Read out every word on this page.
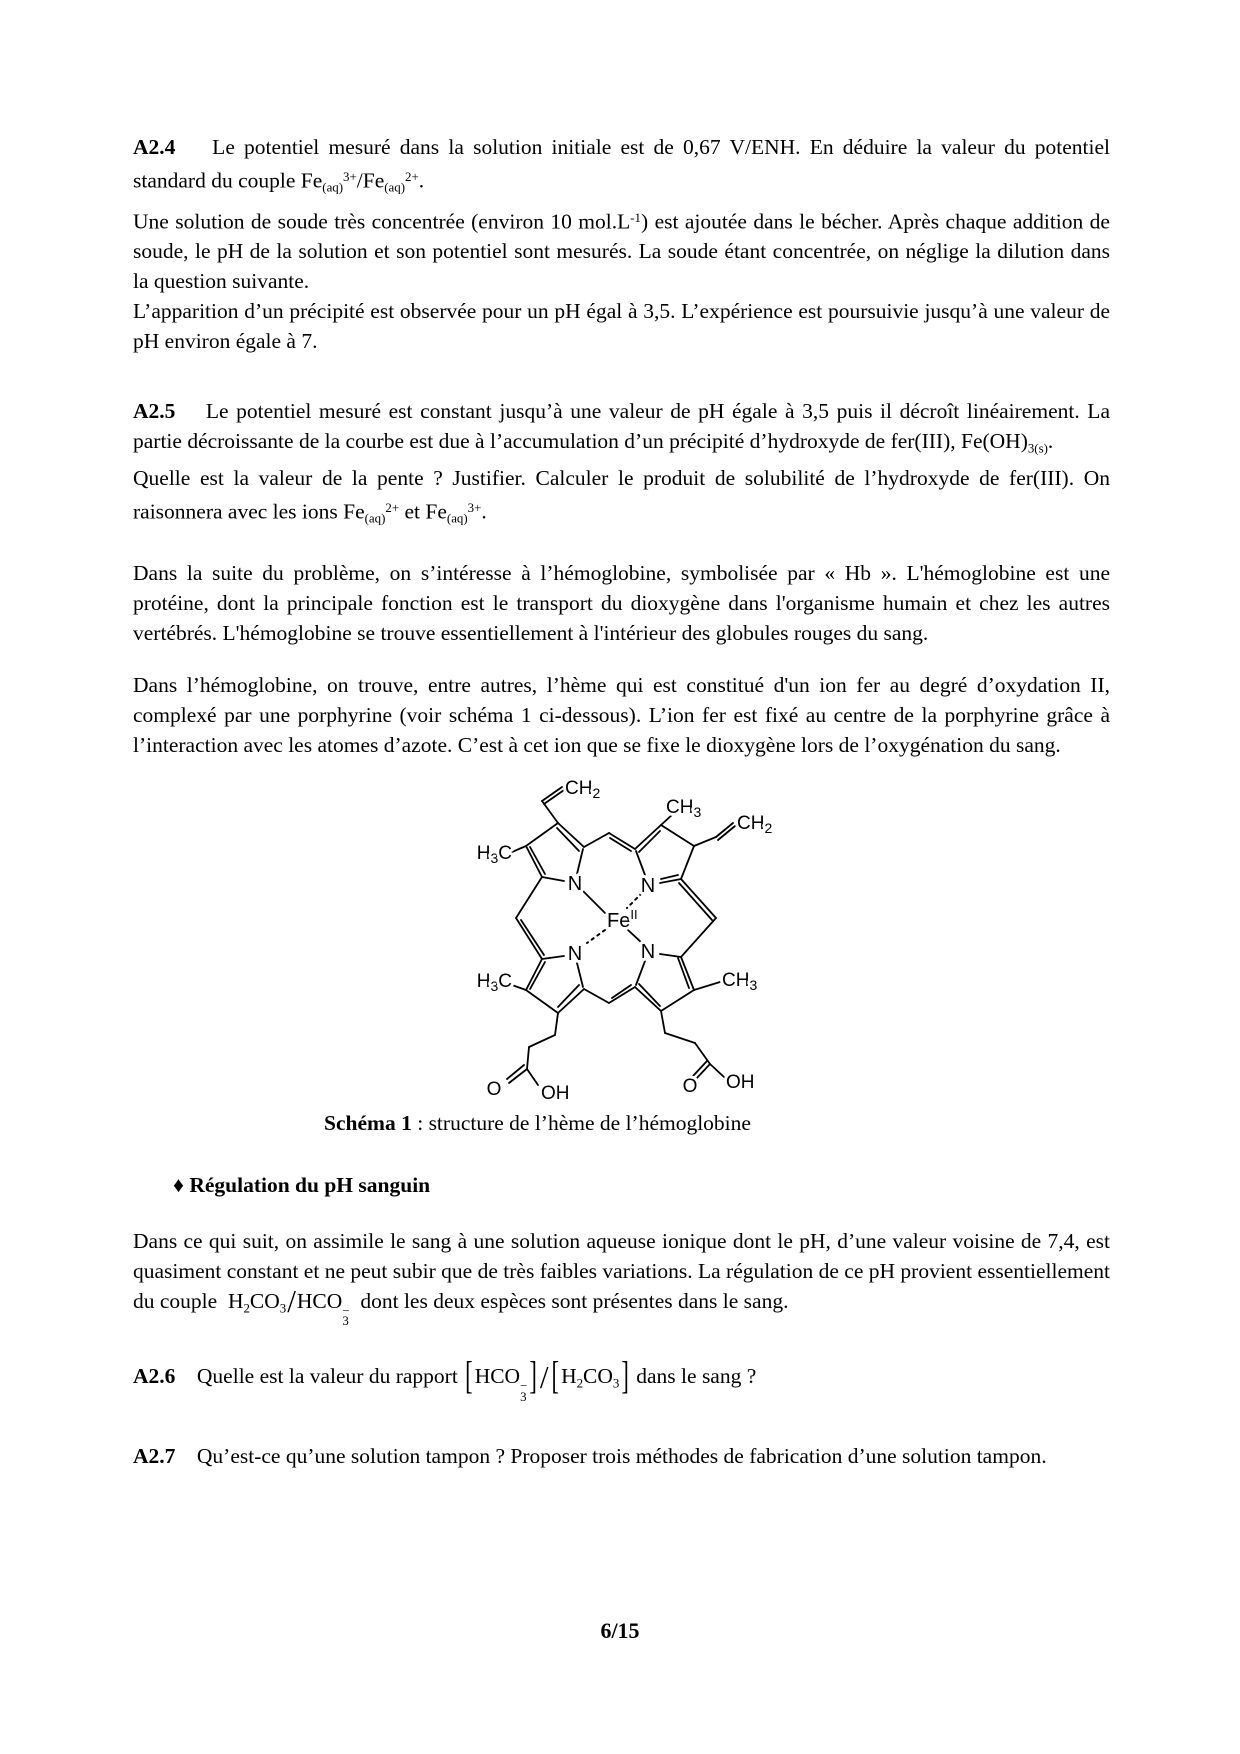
A2.4    Le potentiel mesuré dans la solution initiale est de 0,67 V/ENH. En déduire la valeur du potentiel standard du couple $Fe_{(aq)}^{3+}/Fe_{(aq)}^{2+}$.
Une solution de soude très concentrée (environ 10 $mol.L^{-1}$) est ajoutée dans le bécher. Après chaque addition de soude, le pH de la solution et son potentiel sont mesurés. La soude étant concentrée, on néglige la dilution dans la question suivante.
L’apparition d’un précipité est observée pour un pH égal à 3,5. L’expérience est poursuivie jusqu’à une valeur de pH environ égale à 7.
A2.5    Le potentiel mesuré est constant jusqu’à une valeur de pH égale à 3,5 puis il décroît linéairement. La partie décroissante de la courbe est due à l’accumulation d’un précipité d’hydroxyde de fer(III), $Fe(OH)_{3(s)}$.
Quelle est la valeur de la pente ? Justifier. Calculer le produit de solubilité de l’hydroxyde de fer(III). On raisonnera avec les ions $Fe_{(aq)}^{2+}$ et $Fe_{(aq)}^{3+}$.
Dans la suite du problème, on s’intéresse à l’hémoglobine, symbolisée par « Hb ». L'hémoglobine est une protéine, dont la principale fonction est le transport du dioxygène dans l'organisme humain et chez les autres vertébrés. L'hémoglobine se trouve essentiellement à l'intérieur des globules rouges du sang.
Dans l’hémoglobine, on trouve, entre autres, l’hème qui est constitué d'un ion fer au degré d’oxydation II, complexé par une porphyrine (voir schéma 1 ci-dessous). L’ion fer est fixé au centre de la porphyrine grâce à l’interaction avec les atomes d’azote. C’est à cet ion que se fixe le dioxygène lors de l’oxygénation du sang.
$CH_2$
$H_3C$
$CH_3$
$CH_2$
N	N
N	N
$Fe^{II}$
$H_3C$	$CH_3$
O OH	O OH
Schéma 1 : structure de l’hème de l’hémoglobine
♦ Régulation du pH sanguin
Dans ce qui suit, on assimile le sang à une solution aqueuse ionique dont le pH, d’une valeur voisine de 7,4, est quasiment constant et ne peut subir que de très faibles variations. La régulation de ce pH provient essentiellement du couple  $H_2CO_3$/HCO −
3
dont les deux espèces sont présentes dans le sang.
A2.6    Quelle est la valeur du rapport [HCO −
3 ]/ $[H_2CO_3]$ dans le sang ?
A2.7    Qu’est-ce qu’une solution tampon ? Proposer trois méthodes de fabrication d’une solution tampon.
6/15
